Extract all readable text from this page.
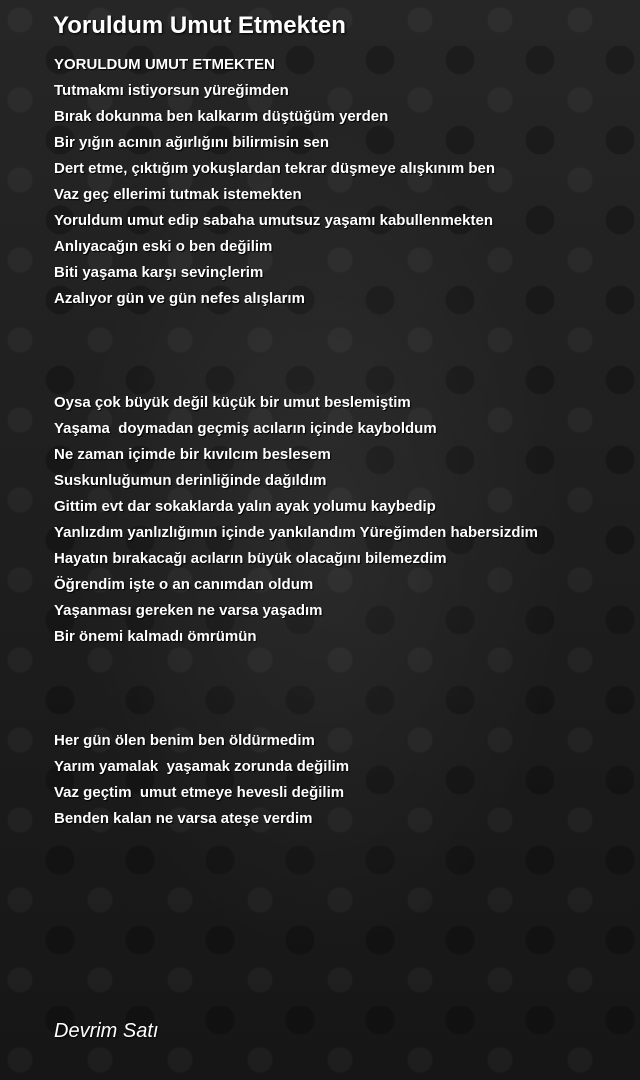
Yoruldum Umut Etmekten
YORULDUM UMUT ETMEKTEN
Tutmakmı istiyorsun yüreğimden
Bırak dokunma ben kalkarım düştüğüm yerden
Bir yığın acının ağırlığını bilirmisin sen
Dert etme, çıktığım yokuşlardan tekrar düşmeye alışkınım ben
Vaz geç ellerimi tutmak istemekten
Yoruldum umut edip sabaha umutsuz yaşamı kabullenmekten
Anlıyacağın eski o ben değilim
Biti yaşama karşı sevinçlerim
Azalıyor gün ve gün nefes alışlarım
Oysa çok büyük değil küçük bir umut beslemiştim
Yaşama  doymadan geçmiş acıların içinde kayboldum
Ne zaman içimde bir kıvılcım beslesem
Suskunluğumun derinliğinde dağıldım
Gittim evt dar sokaklarda yalın ayak yolumu kaybedip
Yanlızdım yanlızlığımın içinde yankılandım Yüreğimden habersizdim
Hayatın bırakacağı acıların büyük olacağını bilemezdim
Öğrendim işte o an canımdan oldum
Yaşanması gereken ne varsa yaşadım
Bir önemi kalmadı ömrümün
Her gün ölen benim ben öldürmedim
Yarım yamalak  yaşamak zorunda değilim
Vaz geçtim  umut etmeye hevesli değilim
Benden kalan ne varsa ateşe verdim
Devrim Satı
